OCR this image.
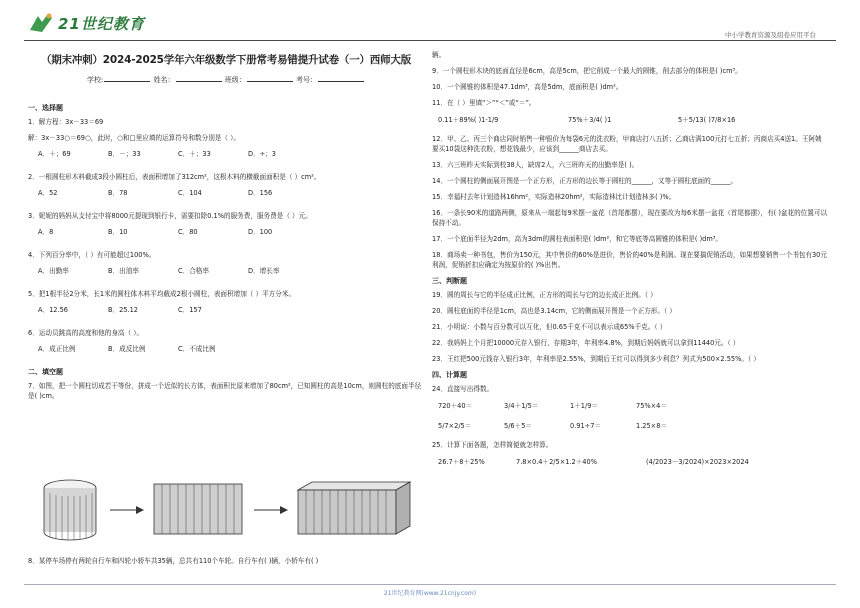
21世纪教育
中小学教育资源及组卷应用平台
（期末冲刺）2024-2025学年六年级数学下册常考易错提升试卷（一）西师大版
学校:	姓名：	班级：	考号：
一、选择题
1．解方程：3x－33＝69
解：3x－33○＝69○，此时，○和□里应填的运算符号和数分别是（ ）。
A．＋；69	B．－；33	C．＋；33	D．÷；3
2．一根圆柱形木料截成3段小圆柱后，表面积增加了312cm²，这根木料的横截面面积是（ ）cm²。
A．52	B．78	C．104	D．156
3．妮妮的妈妈从支付宝中将8000元提现到银行卡，需要扣除0.1%的服务费，服务费是（ ）元。
A．8	B．10	C．80	D．100
4．下列百分率中，（ ）有可能超过100%。
A．出勤率	B．出油率	C．合格率	D．增长率
5．把1根半径2分米，长1米的圆柱体木料平均截成2根小圆柱，表面积增加（ ）平方分米。
A．12.56	B．25.12	C．157
6．运动员跳高的高度和他的身高（ ）。
A．成正比例	B．成反比例	C．不成比例
二、填空题
7．如图，把一个圆柱切成若干等份，拼成一个近似的长方体，表面积比原来增加了80cm²，已知圆柱的高是10cm，则圆柱的底面半径是( )cm。
8．某停车场停有两轮自行车和四轮小轿车共35辆，总共有110个车轮。自行车有( )辆，小轿车有( )
辆。
9．一个圆柱形木块的底面直径是6cm，高是5cm，把它削成一个最大的圆锥，削去部分的体积是( )cm³。
10．一个圆锥的体积是47.1dm³，高是5dm，底面积是( )dm²。
11．在（ ）里填“＞”“＜”或“＝”。
0.11＋89%( )1-1/9	75%＋3/4( )1	5＋5/13( )7/8×16
12．甲、乙、丙三个商店同时销售一种银价为每袋6元的洗衣粉，甲商店打八五折；乙商店满100元打七五折；丙商店买4送1。王阿姨要买10袋这种洗衣粉，想花钱最少，应该到______商店去买。
13．六三班昨天实际到校38人，缺席2人，六三班昨天的出勤率是( )。
14．一个圆柱的侧面展开图是一个正方形，正方形的边长等于圆柱的______，又等于圆柱底面的______。
15．幸福村去年计划造林16hm²，实际造林20hm²，实际造林比计划造林多( )%。
16．一条长90米的道路两侧，原来从一端起每9米摆一盆花（首尾都摆），现在要改为每6米摆一盆花（首尾都摆），有( )盆花的位置可以保持不动。
17．一个底面半径为2dm，高为3dm的圆柱表面积是( )dm²，和它等底等高圆锥的体积是( )dm³。
18．商场卖一种书包，售价为150元，其中售价的60%是进价，售价的40%是利润。现在要搞促销活动，如果想要销售一个书包有30元利润，促销折扣应确定为按原价的( )%出售。
三、判断题
19．圆的周长与它的半径成正比例，正方形的周长与它的边长成正比例。（ ）
20．圆柱底面的半径是1cm，高也是3.14cm，它的侧面展开图是一个正方形。（ ）
21．小明说：小数与百分数可以互化，但0.65千克不可以表示成65%千克。（ ）
22．我妈妈上个月把10000元存入银行，存期3年，年利率4.8%，到期后妈妈就可以拿到11440元。（ ）
23．王红把500元钱存入银行3年，年利率是2.55%，到期后王红可以得到多少利息？列式为500×2.55%。（ ）
四、计算题
24．直接写出得数。
720＋40＝	3/4＋1/5＝	1＋1/9＝	75%×4＝
5/7×2/5＝	5/6＋5＝	0.91÷7＝	1.25×8＝
25．计算下面各题，怎样简便就怎样算。
26.7＋8＋25%	7.8×0.4＋2/5×1.2＋40%	(4/2023－3/2024)×2023×2024
21世纪教育网(www.21cnjy.com)
